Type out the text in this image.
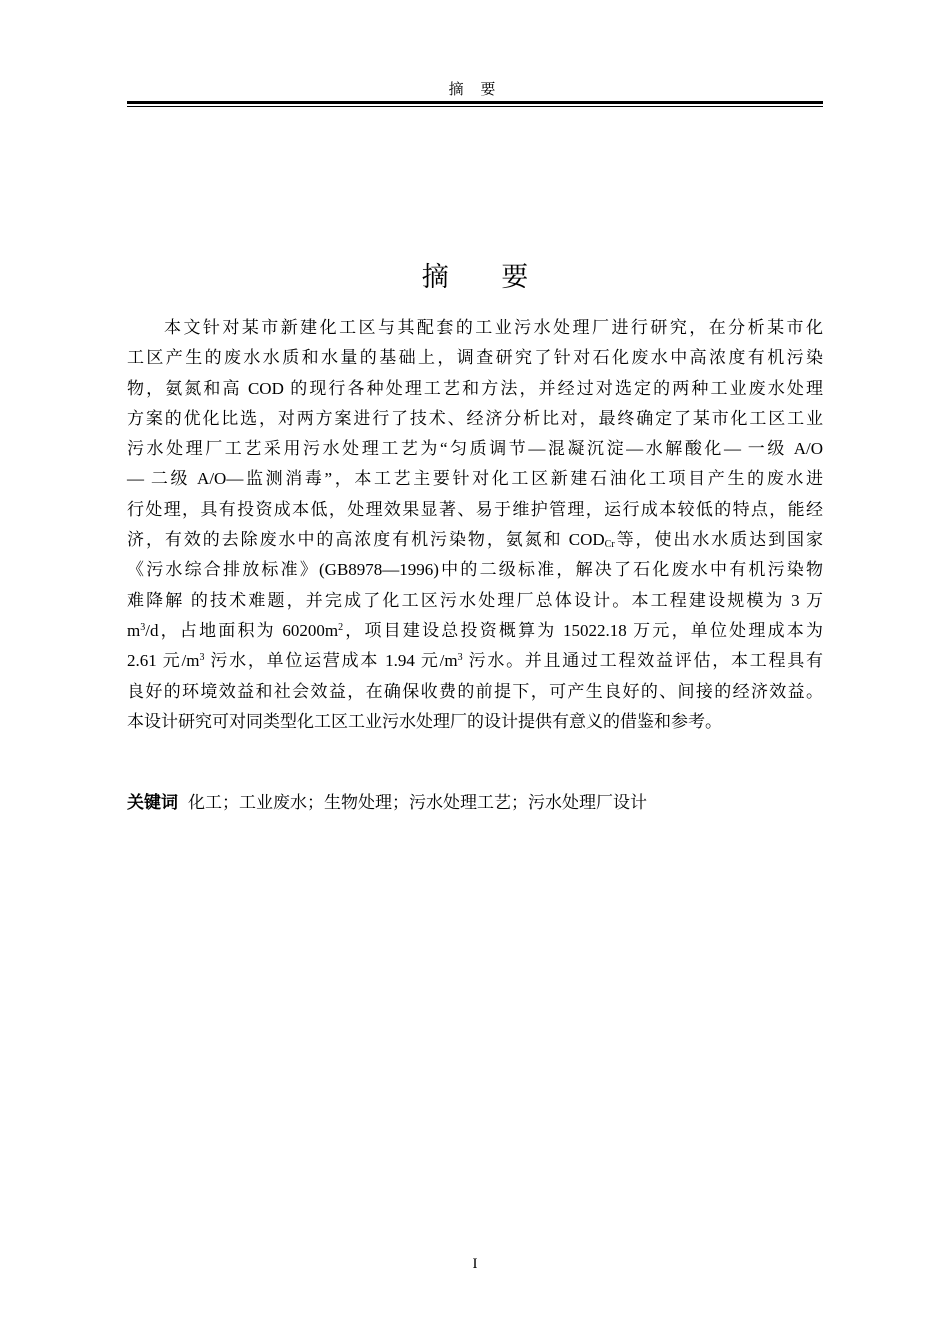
摘 要
摘 要
本文针对某市新建化工区与其配套的工业污水处理厂进行研究，在分析某市化
工区产生的废水水质和水量的基础上，调查研究了针对石化废水中高浓度有机污染
物，氨氮和高 COD 的现行各种处理工艺和方法，并经过对选定的两种工业废水处理
方案的优化比选，对两方案进行了技术、经济分析比对，最终确定了某市化工区工业
污水处理厂工艺采用污水处理工艺为“匀质调节—混凝沉淀—水解酸化— 一级 A/O
— 二级 A/O—监测消毒”，本工艺主要针对化工区新建石油化工项目产生的废水进
行处理，具有投资成本低，处理效果显著、易于维护管理，运行成本较低的特点，能经
济，有效的去除废水中的高浓度有机污染物，氨氮和 $COD_{Cr}$等，使出水水质达到国家
《污水综合排放标准》(GB8978—1996)中的二级标准，解决了石化废水中有机污染物
难降解 的技术难题，并完成了化工区污水处理厂总体设计。本工程建设规模为 3 万
$m^3/d$，占地面积为 $60200m^2$，项目建设总投资概算为 15022.18 万元，单位处理成本为
2.61 元$/m^3$ 污水，单位运营成本 1.94 元$/m^3$ 污水。并且通过工程效益评估，本工程具有
良好的环境效益和社会效益，在确保收费的前提下，可产生良好的、间接的经济效益。
本设计研究可对同类型化工区工业污水处理厂的设计提供有意义的借鉴和参考。
关键词 化工；工业废水；生物处理；污水处理工艺；污水处理厂设计
I
